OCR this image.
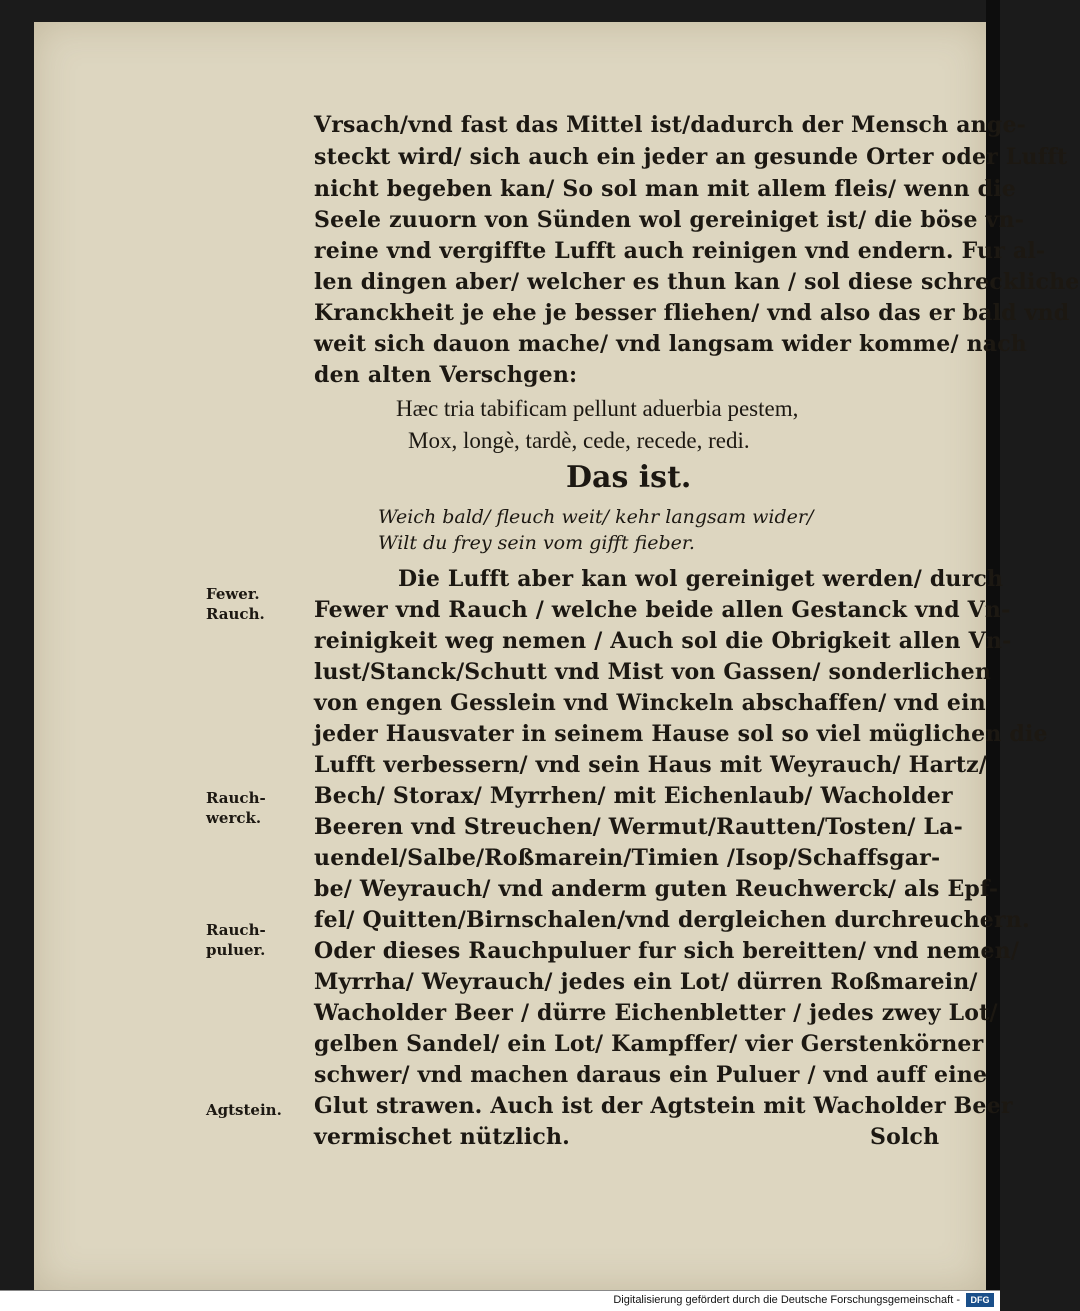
Vrsach/vnd fast das Mittel ist/dadurch der Mensch ange-
steckt wird/ sich auch ein jeder an gesunde Orter oder Lufft
nicht begeben kan/ So sol man mit allem fleis/ wenn die
Seele zuuorn von Sünden wol gereiniget ist/ die böse vn-
reine vnd vergiffte Lufft auch reinigen vnd endern. Fur al-
len dingen aber/ welcher es thun kan / sol diese schreckliche
Kranckheit je ehe je besser fliehen/ vnd also das er bald vnd
weit sich dauon mache/ vnd langsam wider komme/ nach
den alten Verschgen:
Hæc tria tabificam pellunt aduerbia pestem,
Mox, longè, tardè, cede, recede, redi.
Das ist.
Weich bald/ fleuch weit/ kehr langsam wider/
Wilt du frey sein vom gifft fieber.
Die Lufft aber kan wol gereiniget werden/ durch
Fewer vnd Rauch / welche beide allen Gestanck vnd Vn-
reinigkeit weg nemen / Auch sol die Obrigkeit allen Vn-
lust/Stanck/Schutt vnd Mist von Gassen/ sonderlichen
von engen Gesslein vnd Winckeln abschaffen/ vnd ein
jeder Hausvater in seinem Hause sol so viel müglichen die
Lufft verbessern/ vnd sein Haus mit Weyrauch/ Hartz/
Bech/ Storax/ Myrrhen/ mit Eichenlaub/ Wacholder
Beeren vnd Streuchen/ Wermut/Rautten/Tosten/ La-
uendel/Salbe/Roßmarein/Timien /Isop/Schaffsgar-
be/ Weyrauch/ vnd anderm guten Reuchwerck/ als Epf-
fel/ Quitten/Birnschalen/vnd dergleichen durchreuchern.
Oder dieses Rauchpuluer fur sich bereitten/ vnd nemen/
Myrrha/ Weyrauch/ jedes ein Lot/ dürren Roßmarein/
Wacholder Beer / dürre Eichenbletter / jedes zwey Lot/
gelben Sandel/ ein Lot/ Kampffer/ vier Gerstenkörner
schwer/ vnd machen daraus ein Puluer / vnd auff eine
Glut strawen. Auch ist der Agtstein mit Wacholder Beer
vermischet nützlich.	Solch
Fewer.
Rauch.
Rauch-
werck.
Rauch-
puluer.
Agtstein.
Digitalisierung gefördert durch die Deutsche Forschungsgemeinschaft -	DFG
